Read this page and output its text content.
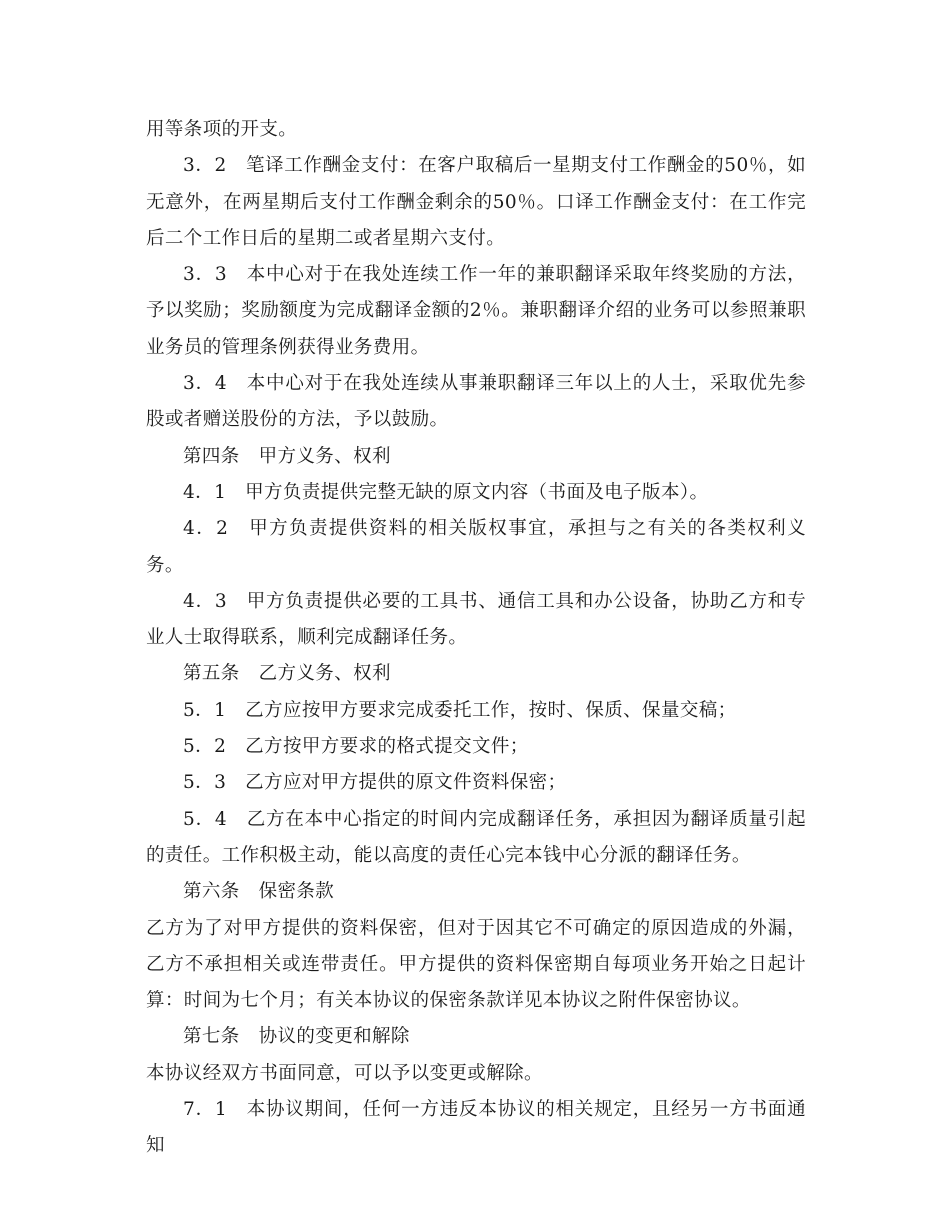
用等条项的开支。

3．2　笔译工作酬金支付：在客户取稿后一星期支付工作酬金的50％，如无意外，在两星期后支付工作酬金剩余的50％。口译工作酬金支付：在工作完后二个工作日后的星期二或者星期六支付。

3．3　本中心对于在我处连续工作一年的兼职翻译采取年终奖励的方法，予以奖励；奖励额度为完成翻译金额的2％。兼职翻译介绍的业务可以参照兼职业务员的管理条例获得业务费用。

3．4　本中心对于在我处连续从事兼职翻译三年以上的人士，采取优先参股或者赠送股份的方法，予以鼓励。

第四条　甲方义务、权利

4．1　甲方负责提供完整无缺的原文内容（书面及电子版本）。

4．2　甲方负责提供资料的相关版权事宜，承担与之有关的各类权利义务。

4．3　甲方负责提供必要的工具书、通信工具和办公设备，协助乙方和专业人士取得联系，顺利完成翻译任务。

第五条　乙方义务、权利

5．1　乙方应按甲方要求完成委托工作，按时、保质、保量交稿；

5．2　乙方按甲方要求的格式提交文件；

5．3　乙方应对甲方提供的原文件资料保密；

5．4　乙方在本中心指定的时间内完成翻译任务，承担因为翻译质量引起的责任。工作积极主动，能以高度的责任心完本钱中心分派的翻译任务。

第六条　保密条款

乙方为了对甲方提供的资料保密，但对于因其它不可确定的原因造成的外漏，乙方不承担相关或连带责任。甲方提供的资料保密期自每项业务开始之日起计算：时间为七个月；有关本协议的保密条款详见本协议之附件保密协议。

第七条　协议的变更和解除

本协议经双方书面同意，可以予以变更或解除。

7．1　本协议期间，任何一方违反本协议的相关规定，且经另一方书面通知
